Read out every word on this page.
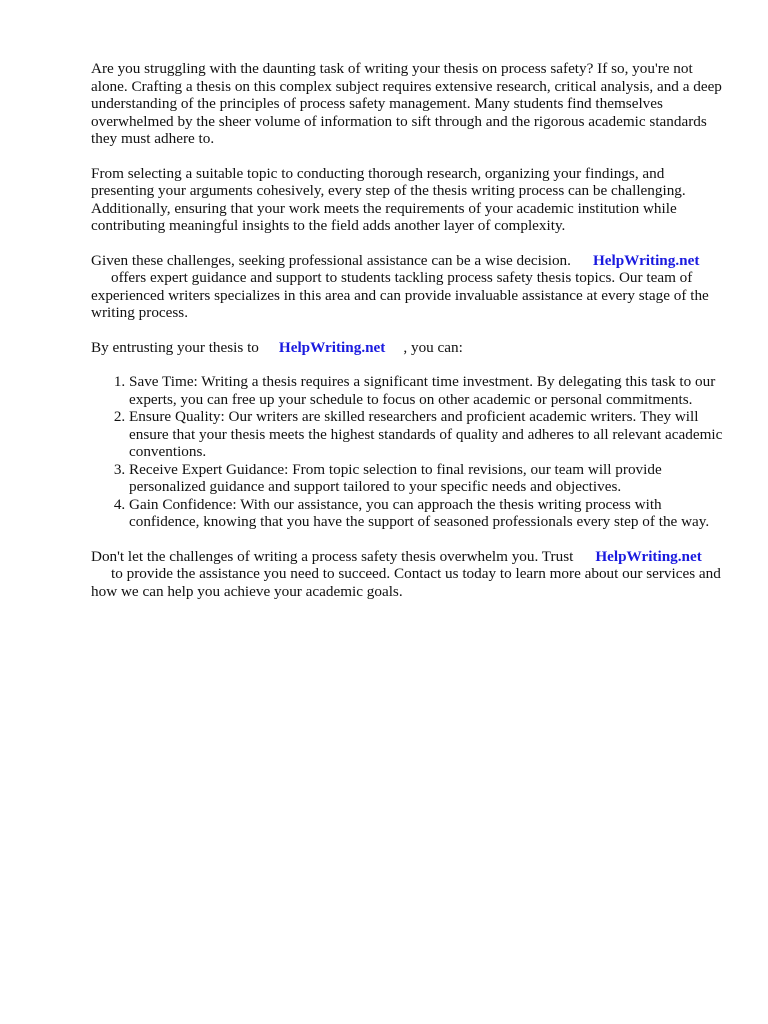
Are you struggling with the daunting task of writing your thesis on process safety? If so, you're not alone. Crafting a thesis on this complex subject requires extensive research, critical analysis, and a deep understanding of the principles of process safety management. Many students find themselves overwhelmed by the sheer volume of information to sift through and the rigorous academic standards they must adhere to.

From selecting a suitable topic to conducting thorough research, organizing your findings, and presenting your arguments cohesively, every step of the thesis writing process can be challenging. Additionally, ensuring that your work meets the requirements of your academic institution while contributing meaningful insights to the field adds another layer of complexity.

Given these challenges, seeking professional assistance can be a wise decision. HelpWriting.net
offers expert guidance and support to students tackling process safety thesis topics. Our team of experienced writers specializes in this area and can provide invaluable assistance at every stage of the writing process.

By entrusting your thesis to HelpWriting.net , you can:

1. Save Time: Writing a thesis requires a significant time investment. By delegating this task to our experts, you can free up your schedule to focus on other academic or personal commitments.
2. Ensure Quality: Our writers are skilled researchers and proficient academic writers. They will ensure that your thesis meets the highest standards of quality and adheres to all relevant academic conventions.
3. Receive Expert Guidance: From topic selection to final revisions, our team will provide personalized guidance and support tailored to your specific needs and objectives.
4. Gain Confidence: With our assistance, you can approach the thesis writing process with confidence, knowing that you have the support of seasoned professionals every step of the way.

Don't let the challenges of writing a process safety thesis overwhelm you. Trust HelpWriting.net
to provide the assistance you need to succeed. Contact us today to learn more about our services and how we can help you achieve your academic goals.
